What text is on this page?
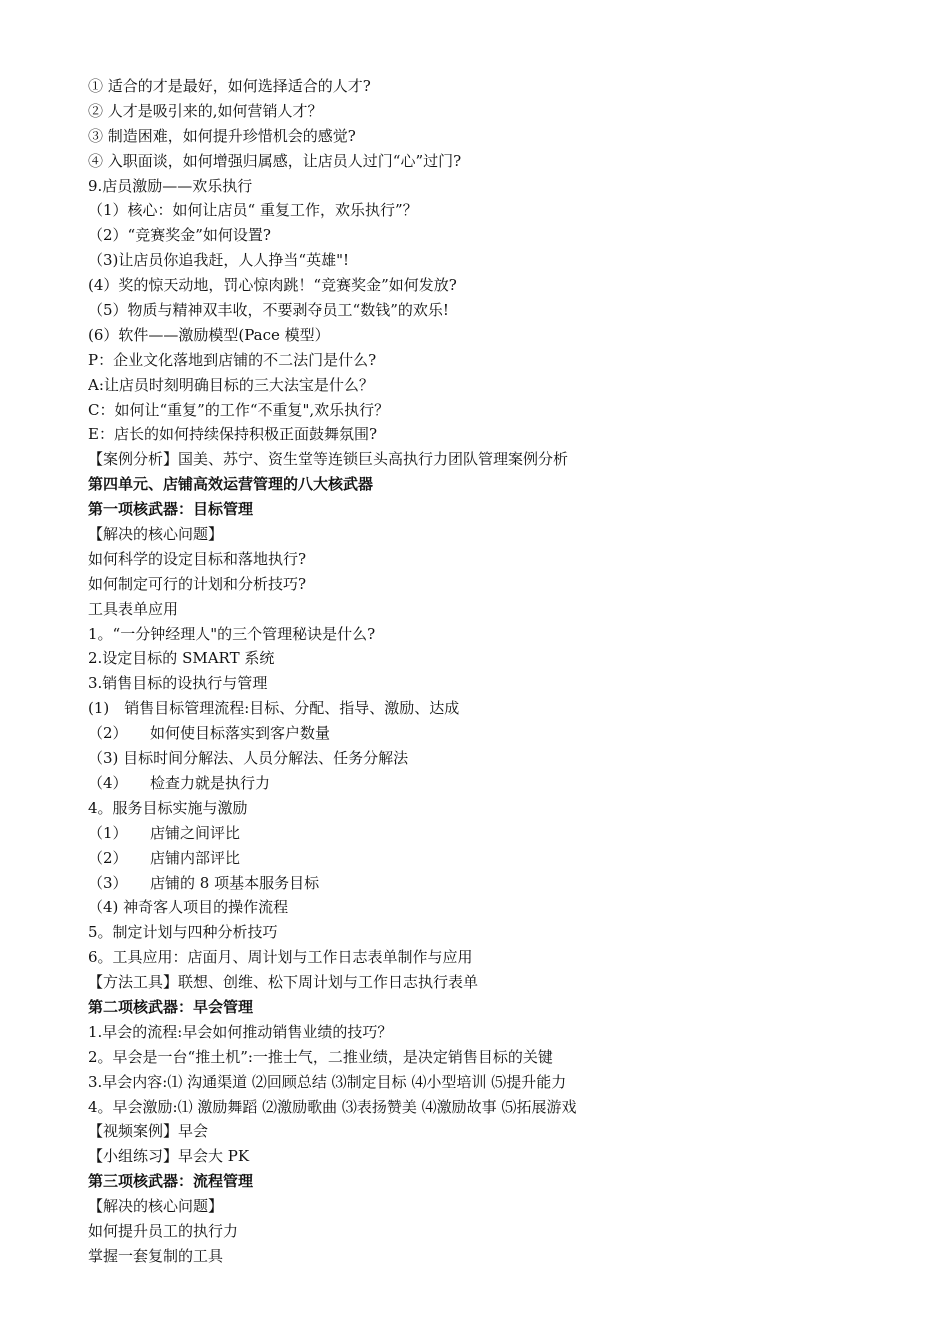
① 适合的才是最好，如何选择适合的人才?
② 人才是吸引来的,如何营销人才？
③ 制造困难，如何提升珍惜机会的感觉?
④ 入职面谈，如何增强归属感，让店员人过门“心”过门?
9.店员激励——欢乐执行
（1）核心：如何让店员“ 重复工作，欢乐执行”？
（2）“竞赛奖金”如何设置?
（3)让店员你追我赶，人人挣当“英雄"!
(4）奖的惊天动地，罚心惊肉跳！“竞赛奖金”如何发放?
（5）物质与精神双丰收，不要剥夺员工“数钱”的欢乐!
(6）软件——激励模型(Pace 模型）
P：企业文化落地到店铺的不二法门是什么?
A:让店员时刻明确目标的三大法宝是什么？
C：如何让“重复”的工作“不重复",欢乐执行？
E：店长的如何持续保持积极正面鼓舞氛围?
【案例分析】国美、苏宁、资生堂等连锁巨头高执行力团队管理案例分析
第四单元、店铺高效运营管理的八大核武器
第一项核武器：目标管理
【解决的核心问题】
如何科学的设定目标和落地执行?
如何制定可行的计划和分析技巧?
工具表单应用
1。“一分钟经理人"的三个管理秘诀是什么?
2.设定目标的 SMART 系统
3.销售目标的设执行与管理
(1)　销售目标管理流程:目标、分配、指导、激励、达成
（2）　　如何使目标落实到客户数量
（3) 目标时间分解法、人员分解法、任务分解法
（4）　　检查力就是执行力
4。服务目标实施与激励
（1）　　店铺之间评比
（2）　　店铺内部评比
（3）　　店铺的 8 项基本服务目标
（4) 神奇客人项目的操作流程
5。制定计划与四种分析技巧
6。工具应用：店面月、周计划与工作日志表单制作与应用
【方法工具】联想、创维、松下周计划与工作日志执行表单
第二项核武器：早会管理
1.早会的流程:早会如何推动销售业绩的技巧？
2。早会是一台“推土机”:一推士气，二推业绩，是决定销售目标的关键
3.早会内容:⑴ 沟通渠道 ⑵回顾总结 ⑶制定目标 ⑷小型培训 ⑸提升能力
4。早会激励:⑴ 激励舞蹈 ⑵激励歌曲 ⑶表扬赞美 ⑷激励故事 ⑸拓展游戏
【视频案例】早会
【小组练习】早会大 PK
第三项核武器：流程管理
【解决的核心问题】
如何提升员工的执行力
掌握一套复制的工具
